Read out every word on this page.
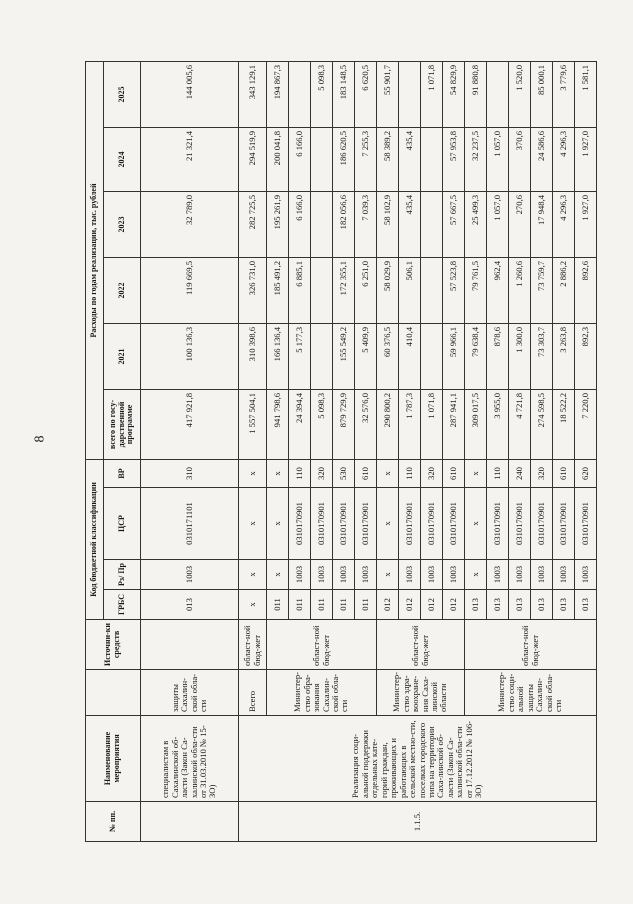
8
№ пп.	Наименование мероприятия		Источни-ки средств	Код бюджетной классификации				Расходы по годам реализации, тыс. рублей					
				ГРБС	Рз/ Пр	ЦСР	ВР	всего по госу-дарственной программе	2021	2022	2023	2024	2025
	специалистам в Сахалинской об-ласти (Закон Са-халинской обла-сти от 31.03.2010 № 15-ЗО)	защиты Сахалин-ской обла-сти		013	1003	0310171101	310	417 921,8	100 136,3	119 669,5	32 789,0	21 321,4	144 005,6
1.1.5.	Реализация соци-альной поддержки отдельных кате-горий граждан, проживающих и работающих в сельской местно-сти, поселках городского типа на территории Саха-линской об-ласти (Закон Са-халинской обла-сти от 17.12.2012 № 106-ЗО)	Всего	област-ной бюд-жет	х	х	х	х	1 557 504,1	310 398,6	326 731,0	282 725,5	294 519,9	343 129,1
		Министер-ство обра-зования Сахалин-ской обла-сти	област-ной бюд-жет	011	х	х	х	941 798,6	166 136,4	185 491,2	195 261,9	200 041,8	194 867,3
				011	1003	0310170901	110	24 394,4	5 177,3	6 885,1	6 166,0	6 166,0	
				011	1003	0310170901	320	5 098,3					5 098,3
				011	1003	0310170901	530	879 729,9	155 549,2	172 355,1	182 056,6	186 620,5	183 148,5
				011	1003	0310170901	610	32 576,0	5 409,9	6 251,0	7 039,3	7 255,3	6 620,5
		Министер-ство здра-воохране-ния Саха-линской области	област-ной бюд-жет	012	х	х	х	290 800,2	60 376,5	58 029,9	58 102,9	58 389,2	55 901,7
				012	1003	0310170901	110	1 787,3	410,4	506,1	435,4	435,4	
				012	1003	0310170901	320	1 071,8					1 071,8
				012	1003	0310170901	610	287 941,1	59 966,1	57 523,8	57 667,5	57 953,8	54 829,9
		Министер-ство соци-альной защиты Сахалин-ской обла-сти	област-ной бюд-жет	013	х	х	х	309 017,5	79 638,4	79 761,5	25 499,3	32 237,5	91 880,8
				013	1003	0310170901	110	3 955,0	878,6	962,4	1 057,0	1 057,0	
				013	1003	0310170901	240	4 721,8	1 300,0	1 260,6	270,6	370,6	1 520,0
				013	1003	0310170901	320	274 598,5	73 303,7	73 759,7	17 948,4	24 586,6	85 000,1
				013	1003	0310170901	610	18 522,2	3 263,8	2 886,2	4 296,3	4 296,3	3 779,6
				013	1003	0310170901	620	7 220,0	892,3	892,6	1 927,0	1 927,0	1 581,1
